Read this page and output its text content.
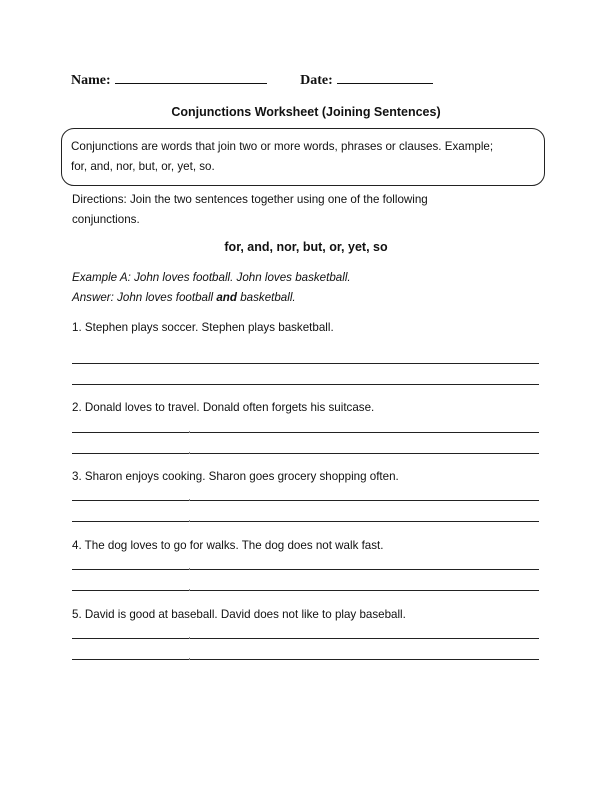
Name:	Date:
Conjunctions Worksheet (Joining Sentences)
Conjunctions are words that join two or more words, phrases or clauses. Example;
for, and, nor, but, or, yet, so.
Directions: Join the two sentences together using one of the following
conjunctions.
for, and, nor, but, or, yet, so
Example A: John loves football. John loves basketball.
Answer: John loves football and basketball.
1. Stephen plays soccer. Stephen plays basketball.
2. Donald loves to travel. Donald often forgets his suitcase.
3. Sharon enjoys cooking. Sharon goes grocery shopping often.
4. The dog loves to go for walks. The dog does not walk fast.
5. David is good at baseball. David does not like to play baseball.
